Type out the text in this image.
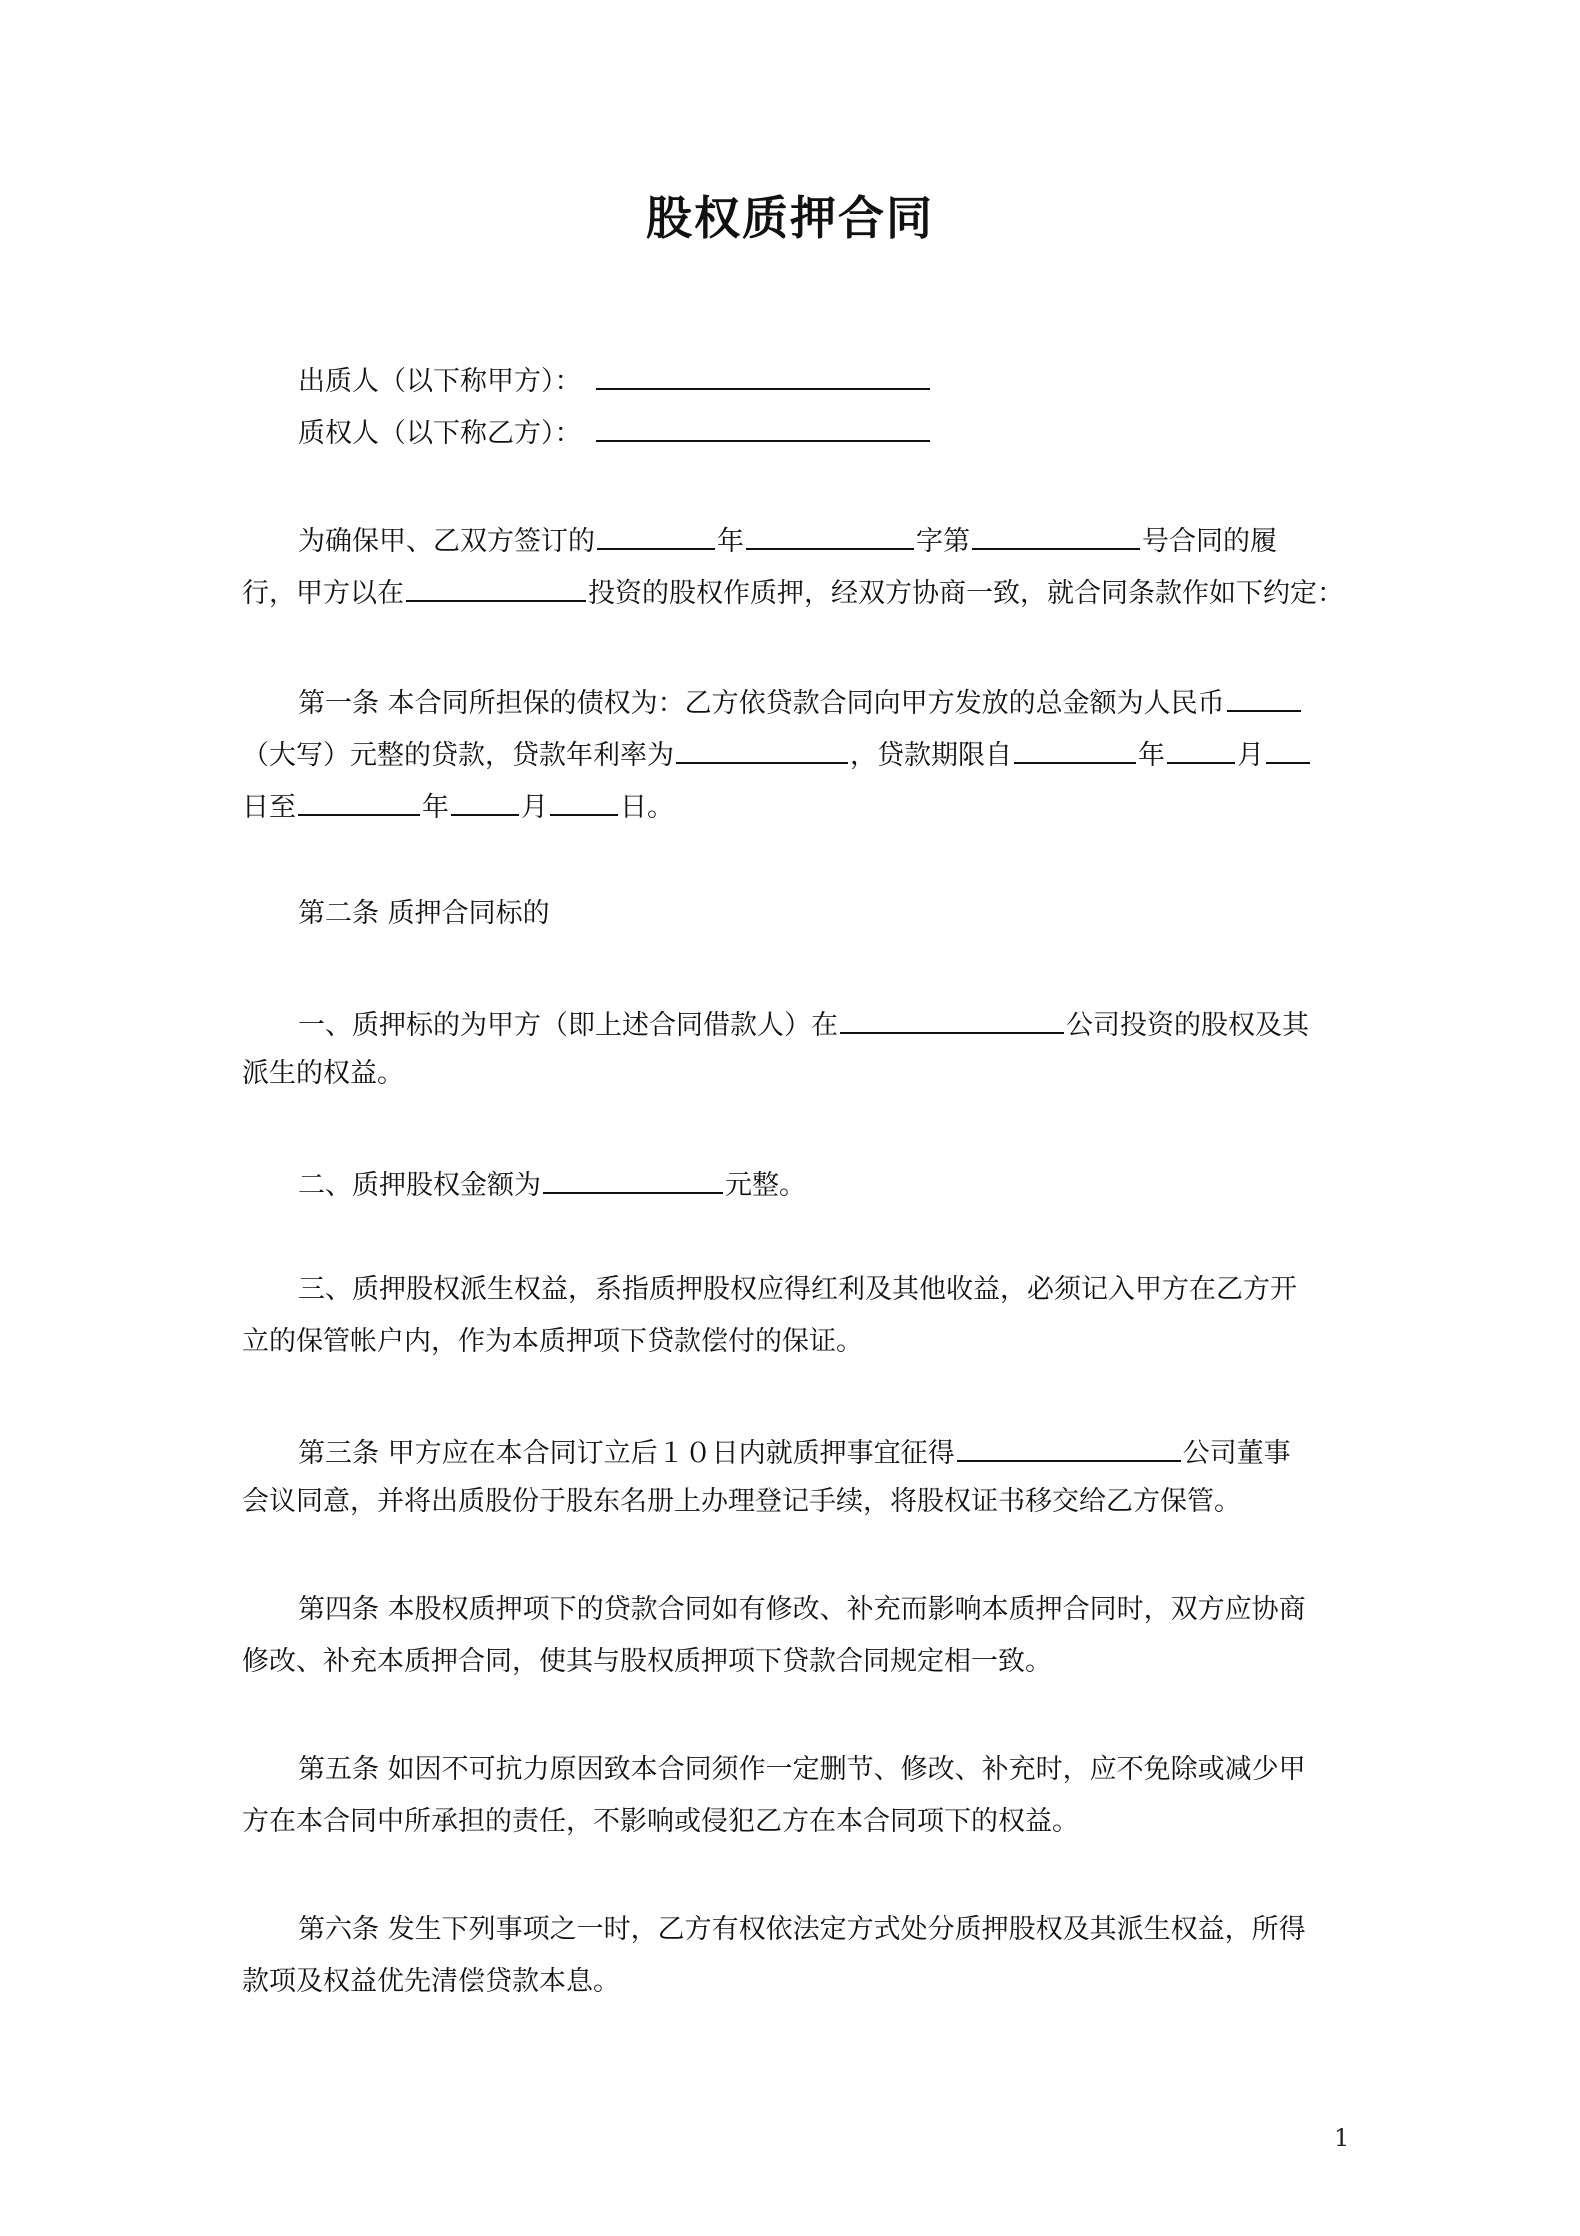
股权质押合同
出质人（以下称甲方）：
质权人（以下称乙方）：
为确保甲、乙双方签订的	年	字第	号合同的履
行，甲方以在	投资的股权作质押，经双方协商一致，就合同条款作如下约定：
第一条 本合同所担保的债权为：乙方依贷款合同向甲方发放的总金额为人民币
（大写）元整的贷款，贷款年利率为	，贷款期限自	年	月
日至	年	月	日。
第二条 质押合同标的
一、质押标的为甲方（即上述合同借款人）在	公司投资的股权及其
派生的权益。
二、质押股权金额为	元整。
三、质押股权派生权益，系指质押股权应得红利及其他收益，必须记入甲方在乙方开
立的保管帐户内，作为本质押项下贷款偿付的保证。
第三条 甲方应在本合同订立后１０日内就质押事宜征得	公司董事
会议同意，并将出质股份于股东名册上办理登记手续，将股权证书移交给乙方保管。
第四条 本股权质押项下的贷款合同如有修改、补充而影响本质押合同时，双方应协商
修改、补充本质押合同，使其与股权质押项下贷款合同规定相一致。
第五条 如因不可抗力原因致本合同须作一定删节、修改、补充时，应不免除或减少甲
方在本合同中所承担的责任，不影响或侵犯乙方在本合同项下的权益。
第六条 发生下列事项之一时，乙方有权依法定方式处分质押股权及其派生权益，所得
款项及权益优先清偿贷款本息。
1
